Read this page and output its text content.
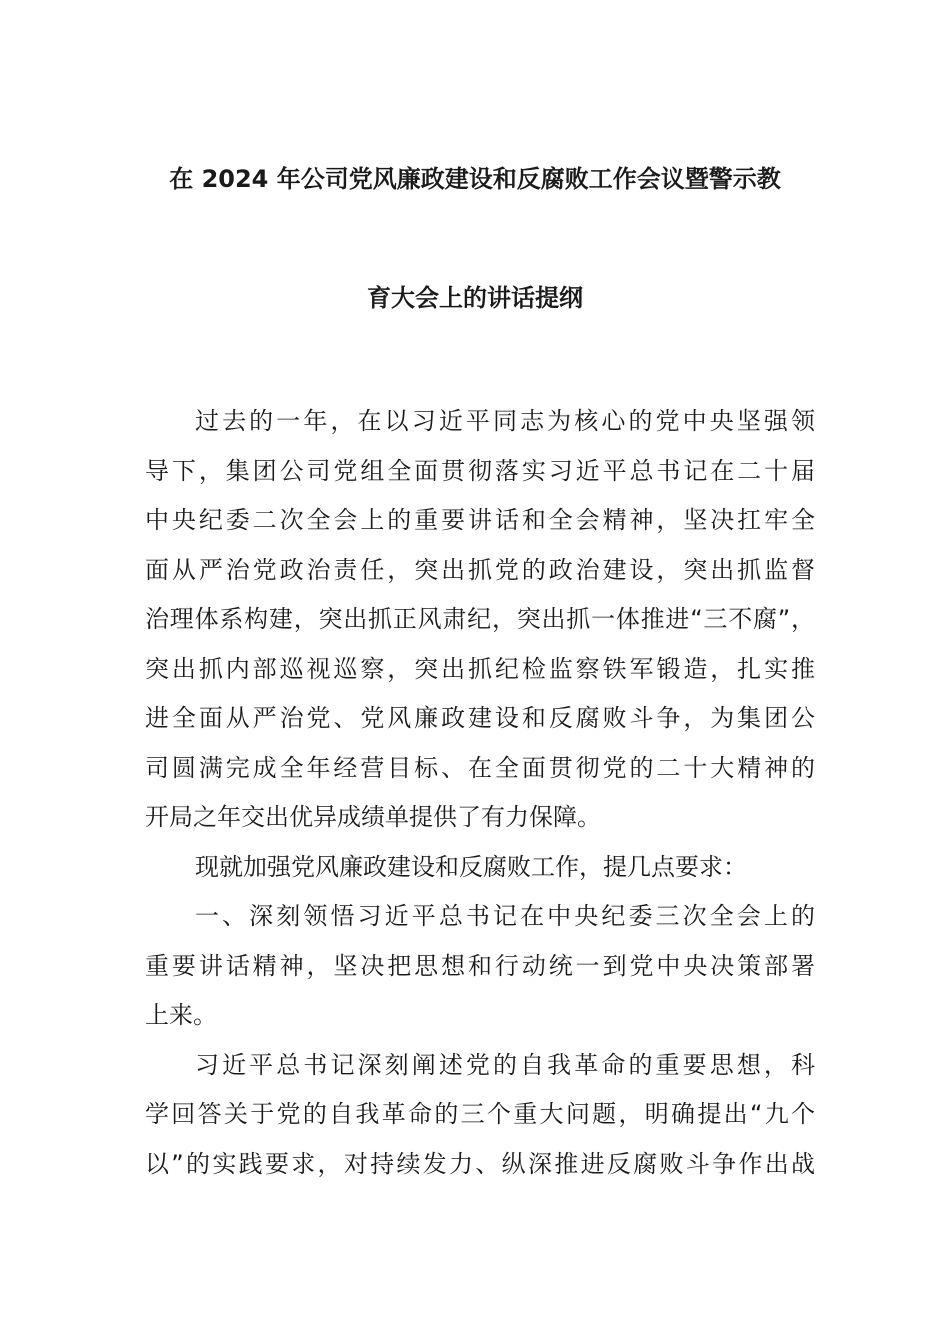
在 2024 年公司党风廉政建设和反腐败工作会议暨警示教
育大会上的讲话提纲
过去的一年，在以习近平同志为核心的党中央坚强领
导下，集团公司党组全面贯彻落实习近平总书记在二十届
中央纪委二次全会上的重要讲话和全会精神，坚决扛牢全
面从严治党政治责任，突出抓党的政治建设，突出抓监督
治理体系构建，突出抓正风肃纪，突出抓一体推进“三不腐”，
突出抓内部巡视巡察，突出抓纪检监察铁军锻造，扎实推
进全面从严治党、党风廉政建设和反腐败斗争，为集团公
司圆满完成全年经营目标、在全面贯彻党的二十大精神的
开局之年交出优异成绩单提供了有力保障。
现就加强党风廉政建设和反腐败工作，提几点要求：
一、深刻领悟习近平总书记在中央纪委三次全会上的
重要讲话精神，坚决把思想和行动统一到党中央决策部署
上来。
习近平总书记深刻阐述党的自我革命的重要思想，科
学回答关于党的自我革命的三个重大问题，明确提出“九个
以”的实践要求，对持续发力、纵深推进反腐败斗争作出战
